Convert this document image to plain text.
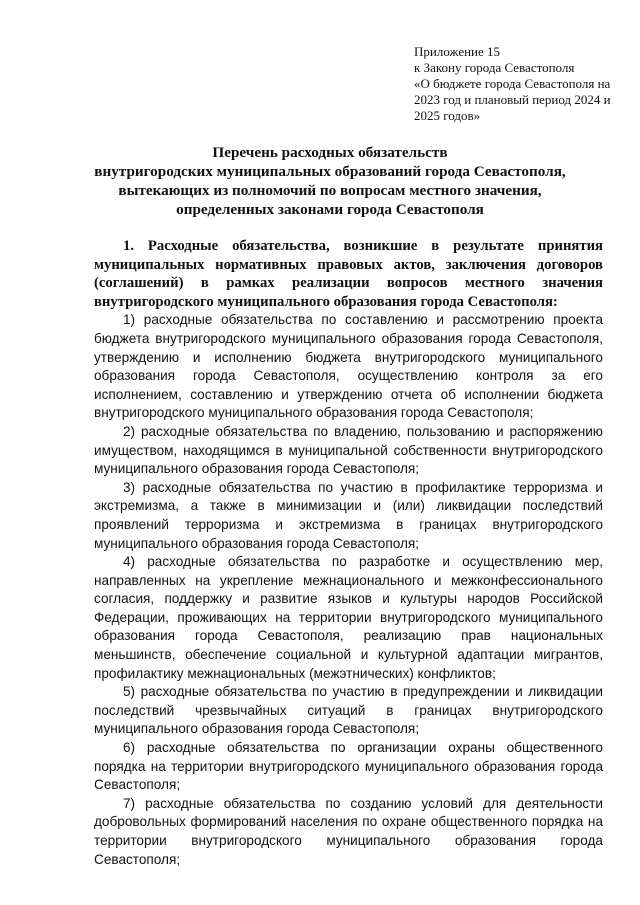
Приложение 15
к Закону города Севастополя
«О бюджете города Севастополя на
2023 год и плановый период 2024 и
2025 годов»
Перечень расходных обязательств
внутригородских муниципальных образований города Севастополя,
вытекающих из полномочий по вопросам местного значения,
определенных законами города Севастополя

1. Расходные обязательства, возникшие в результате принятия муниципальных нормативных правовых актов, заключения договоров (соглашений) в рамках реализации вопросов местного значения внутригородского муниципального образования города Севастополя:

1) расходные обязательства по составлению и рассмотрению проекта бюджета внутригородского муниципального образования города Севастополя, утверждению и исполнению бюджета внутригородского муниципального образования города Севастополя, осуществлению контроля за его исполнением, составлению и утверждению отчета об исполнении бюджета внутригородского муниципального образования города Севастополя;

2) расходные обязательства по владению, пользованию и распоряжению имуществом, находящимся в муниципальной собственности внутригородского муниципального образования города Севастополя;

3) расходные обязательства по участию в профилактике терроризма и экстремизма, а также в минимизации и (или) ликвидации последствий проявлений терроризма и экстремизма в границах внутригородского муниципального образования города Севастополя;

4) расходные обязательства по разработке и осуществлению мер, направленных на укрепление межнационального и межконфессионального согласия, поддержку и развитие языков и культуры народов Российской Федерации, проживающих на территории внутригородского муниципального образования города Севастополя, реализацию прав национальных меньшинств, обеспечение социальной и культурной адаптации мигрантов, профилактику межнациональных (межэтнических) конфликтов;

5) расходные обязательства по участию в предупреждении и ликвидации последствий чрезвычайных ситуаций в границах внутригородского муниципального образования города Севастополя;

6) расходные обязательства по организации охраны общественного порядка на территории внутригородского муниципального образования города Севастополя;

7) расходные обязательства по созданию условий для деятельности добровольных формирований населения по охране общественного порядка на территории внутригородского муниципального образования города Севастополя;
